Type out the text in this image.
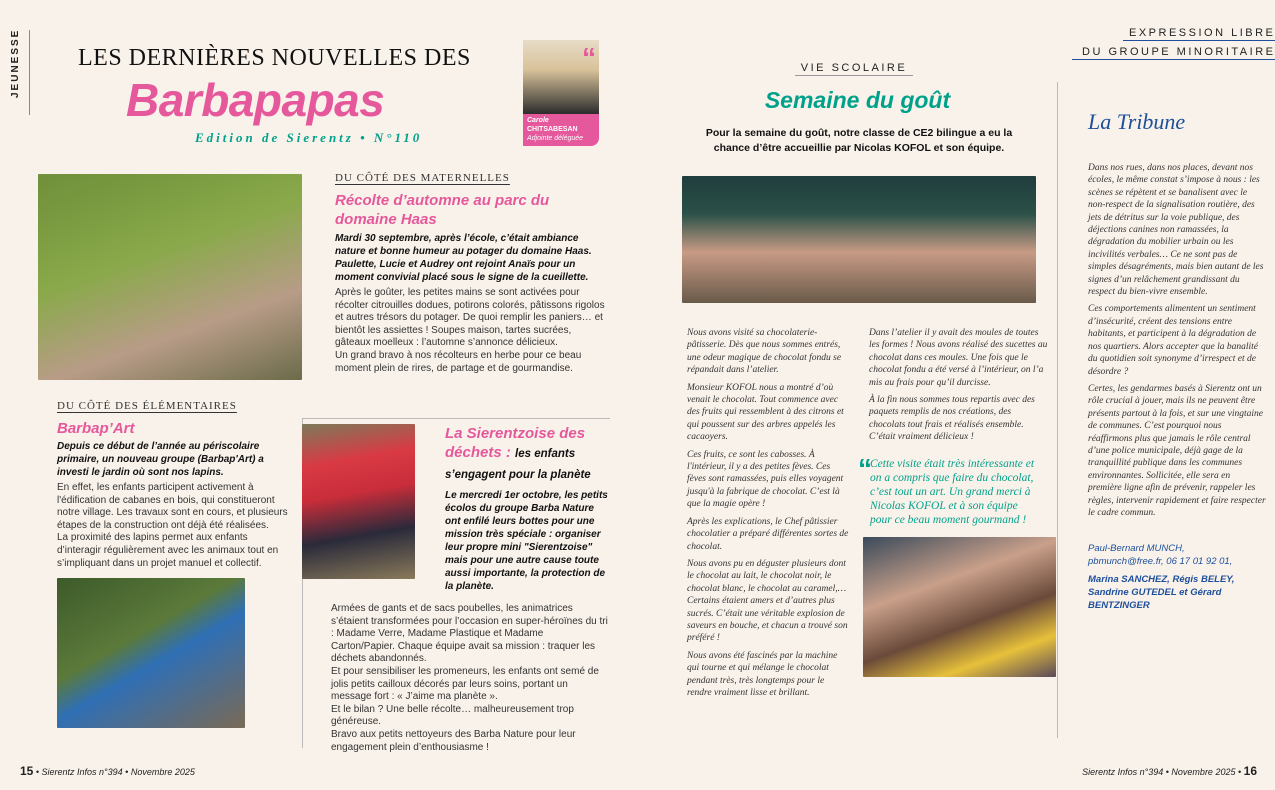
JEUNESSE LES DERNIÈRES NOUVELLES DES
Barbapapas
Edition de Sierentz • N°110
Carole
CHITSABESAN
Adjointe déléguée
“
DU CÔTÉ DES MATERNELLES
Récolte d’automne au parc du domaine Haas
Mardi 30 septembre, après l’école, c’était ambiance nature et bonne humeur au potager du domaine Haas. Paulette, Lucie et Audrey ont rejoint Anaïs pour un moment convivial placé sous le signe de la cueillette.
Après le goûter, les petites mains se sont activées pour récolter citrouilles dodues, potirons colorés, pâtissons rigolos et autres trésors du potager. De quoi remplir les paniers… et bientôt les assiettes ! Soupes maison, tartes sucrées, gâteaux moelleux : l’automne s’annonce délicieux.
Un grand bravo à nos récolteurs en herbe pour ce beau moment plein de rires, de partage et de gourmandise.
DU CÔTÉ DES ÉLÉMENTAIRES
Barbap’Art
Depuis ce début de l’année au périscolaire primaire, un nouveau groupe (Barbap'Art) a investi le jardin où sont nos lapins.
En effet, les enfants participent activement à l'édification de cabanes en bois, qui constitueront notre village. Les travaux sont en cours, et plusieurs étapes de la construction ont déjà été réalisées.
La proximité des lapins permet aux enfants d’interagir régulièrement avec les animaux tout en s’impliquant dans un projet manuel et collectif.
La Sierentzoise des déchets : les enfants s’engagent pour la planète
Le mercredi 1er octobre, les petits écolos du groupe Barba Nature ont enfilé leurs bottes pour une mission très spéciale : organiser leur propre mini "Sierentzoise" mais pour une autre cause toute aussi importante, la protection de la planète.
Armées de gants et de sacs poubelles, les animatrices s’étaient transformées pour l’occasion en super-héroïnes du tri : Madame Verre, Madame Plastique et Madame Carton/Papier. Chaque équipe avait sa mission : traquer les déchets abandonnés.
Et pour sensibiliser les promeneurs, les enfants ont semé de jolis petits cailloux décorés par leurs soins, portant un message fort : « J’aime ma planète ».
Et le bilan ? Une belle récolte… malheureusement trop généreuse.
Bravo aux petits nettoyeurs des Barba Nature pour leur engagement plein d’enthousiasme !
15 • Sierentz Infos n°394 • Novembre 2025
VIE SCOLAIRE
Semaine du goût
Pour la semaine du goût, notre classe de CE2 bilingue a eu la chance d’être accueillie par Nicolas KOFOL et son équipe.

Nous avons visité sa chocolaterie-pâtisserie. Dès que nous sommes entrés, une odeur magique de chocolat fondu se répandait dans l’atelier.

Monsieur KOFOL nous a montré d’où venait le chocolat. Tout commence avec des fruits qui ressemblent à des citrons et qui poussent sur des arbres appelés les cacaoyers.

Ces fruits, ce sont les cabosses. À l'intérieur, il y a des petites fèves. Ces fèves sont ramassées, puis elles voyagent jusqu'à la fabrique de chocolat. C’est là que la magie opère !

Après les explications, le Chef pâtissier chocolatier a préparé différentes sortes de chocolat.

Nous avons pu en déguster plusieurs dont le chocolat au lait, le chocolat noir, le chocolat blanc, le chocolat au caramel,… Certains étaient amers et d’autres plus sucrés. C’était une véritable explosion de saveurs en bouche, et chacun a trouvé son préféré !

Nous avons été fascinés par la machine qui tourne et qui mélange le chocolat pendant très, très longtemps pour le rendre vraiment lisse et brillant.

Dans l’atelier il y avait des moules de toutes les formes ! Nous avons réalisé des sucettes au chocolat dans ces moules. Une fois que le chocolat fondu a été versé à l’intérieur, on l’a mis au frais pour qu’il durcisse.

À la fin nous sommes tous repartis avec des paquets remplis de nos créations, des chocolats tout frais et réalisés ensemble. C’était vraiment délicieux !

“
Cette visite était très intéressante et on a compris que faire du chocolat, c’est tout un art. Un grand merci à Nicolas KOFOL et à son équipe pour ce beau moment gourmand !
EXPRESSION LIBRE
DU GROUPE MINORITAIRE
La Tribune

Dans nos rues, dans nos places, devant nos écoles, le même constat s’impose à nous : les scènes se répètent et se banalisent avec le non-respect de la signalisation routière, des jets de détritus sur la voie publique, des déjections canines non ramassées, la dégradation du mobilier urbain ou les incivilités verbales… Ce ne sont pas de simples désagréments, mais bien autant de les signes d’un relâchement grandissant du respect du bien-vivre ensemble.

Ces comportements alimentent un sentiment d’insécurité, créent des tensions entre habitants, et participent à la dégradation de nos quartiers. Alors accepter que la banalité du quotidien soit synonyme d’irrespect et de désordre ?

Certes, les gendarmes basés à Sierentz ont un rôle crucial à jouer, mais ils ne peuvent être présents partout à la fois, et sur une vingtaine de communes. C’est pourquoi nous réaffirmons plus que jamais le rôle central d’une police municipale, déjà gage de la tranquillité publique dans les communes environnantes. Sollicitée, elle sera en première ligne afin de prévenir, rappeler les règles, intervenir rapidement et faire respecter le cadre commun.

Paul-Bernard MUNCH, pbmunch@free.fr, 06 17 01 92 01,
Marina SANCHEZ, Régis BELEY, Sandrine GUTEDEL et Gérard BENTZINGER
Sierentz Infos n°394 • Novembre 2025 • 16
